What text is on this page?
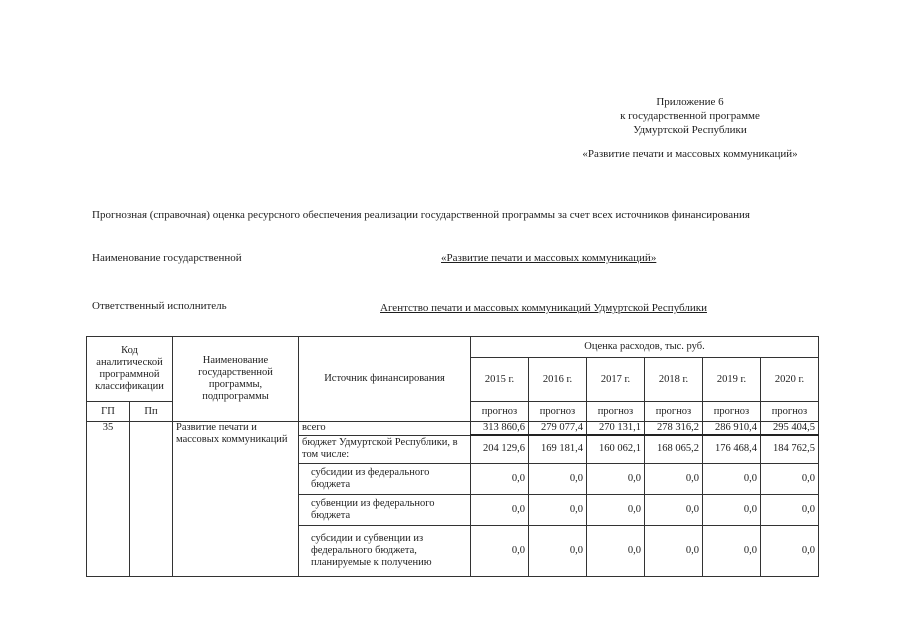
Приложение 6
к государственной программе
Удмуртской Республики
«Развитие печати и массовых коммуникаций»
Прогнозная (справочная) оценка ресурсного обеспечения реализации государственной программы за счет всех источников финансирования
Наименование государственной	«Развитие печати и массовых коммуникаций»
Ответственный исполнитель	Агентство печати и массовых коммуникаций Удмуртской Республики
Код аналитической программной классификации		Наименование государственной программы, подпрограммы	Источник финансирования	Оценка расходов, тыс. руб.					
				2015 г.	2016 г.	2017 г.	2018 г.	2019 г.	2020 г.
ГП	Пп			прогноз	прогноз	прогноз	прогноз	прогноз	прогноз
35		Развитие печати и массовых коммуникаций	всего	313 860,6	279 077,4	270 131,1	278 316,2	286 910,4	295 404,5
			бюджет Удмуртской Республики, в том числе:	204 129,6	169 181,4	160 062,1	168 065,2	176 468,4	184 762,5
			субсидии из федерального бюджета	0,0	0,0	0,0	0,0	0,0	0,0
			субвенции из федерального бюджета	0,0	0,0	0,0	0,0	0,0	0,0
			субсидии и субвенции из федерального бюджета, планируемые к получению	0,0	0,0	0,0	0,0	0,0	0,0
